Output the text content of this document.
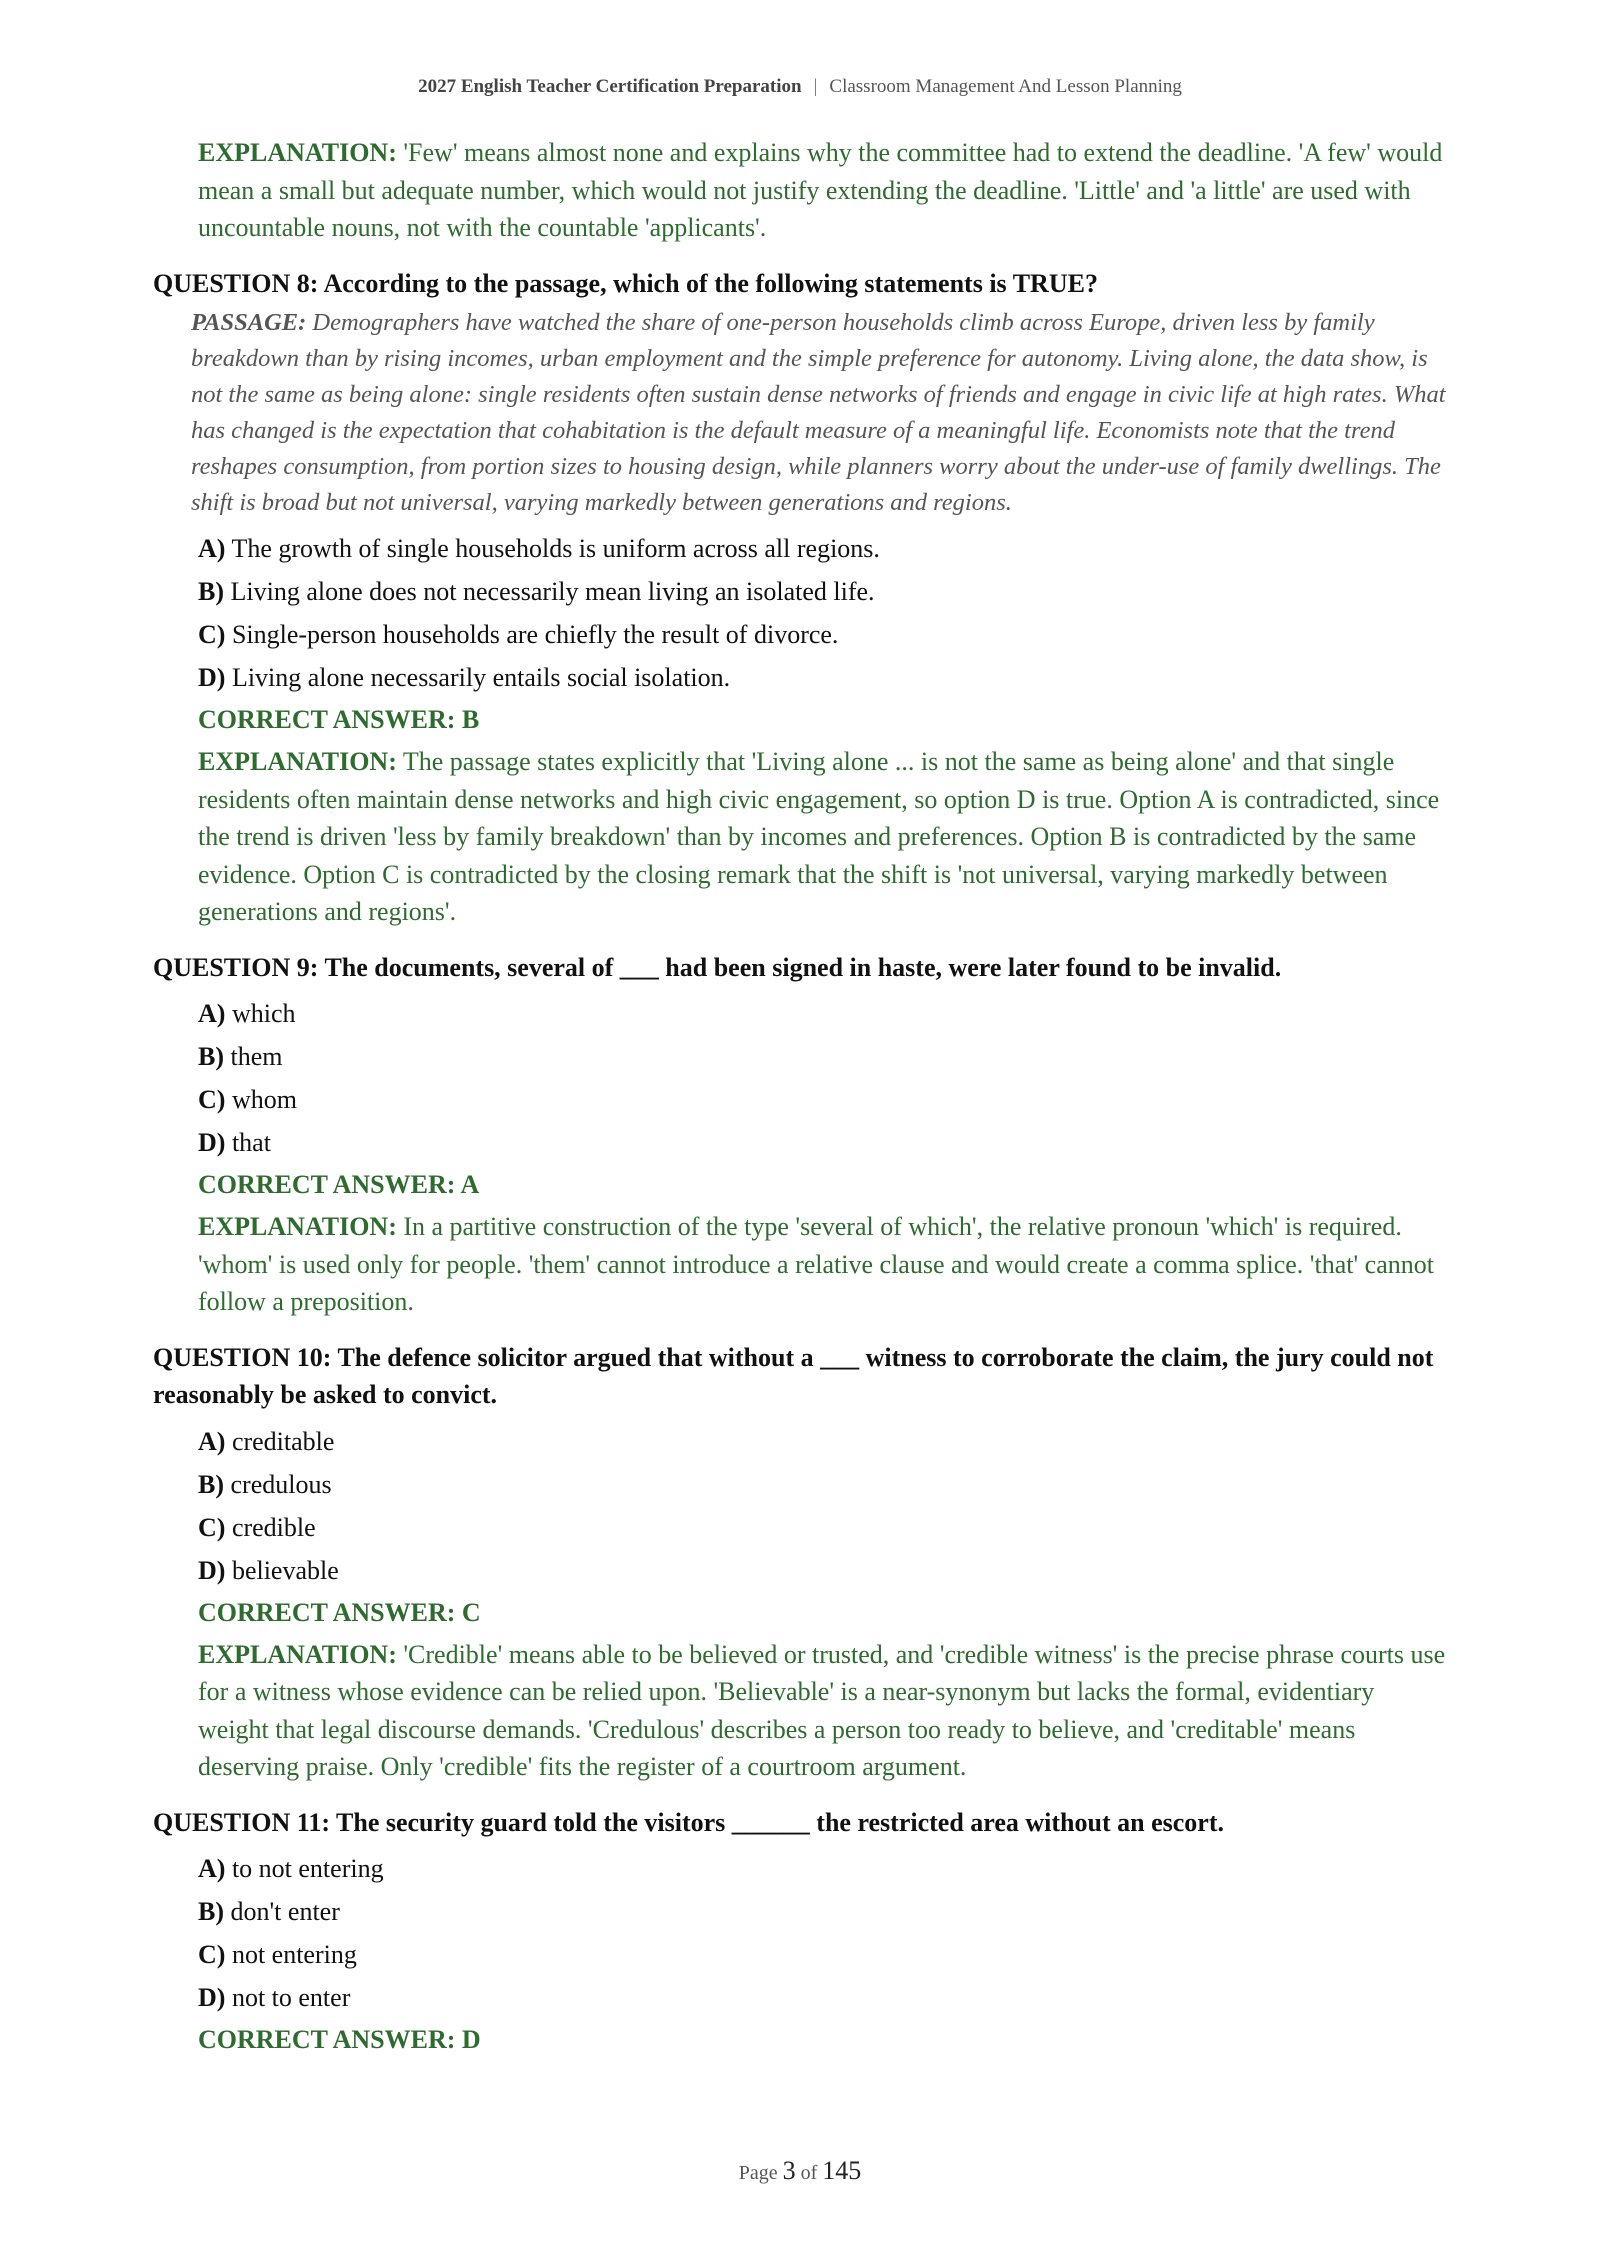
2027 English Teacher Certification Preparation | Classroom Management And Lesson Planning
EXPLANATION: 'Few' means almost none and explains why the committee had to extend the deadline. 'A few' would mean a small but adequate number, which would not justify extending the deadline. 'Little' and 'a little' are used with uncountable nouns, not with the countable 'applicants'.
QUESTION 8: According to the passage, which of the following statements is TRUE?
PASSAGE: Demographers have watched the share of one-person households climb across Europe, driven less by family breakdown than by rising incomes, urban employment and the simple preference for autonomy. Living alone, the data show, is not the same as being alone: single residents often sustain dense networks of friends and engage in civic life at high rates. What has changed is the expectation that cohabitation is the default measure of a meaningful life. Economists note that the trend reshapes consumption, from portion sizes to housing design, while planners worry about the under-use of family dwellings. The shift is broad but not universal, varying markedly between generations and regions.
A) The growth of single households is uniform across all regions.
B) Living alone does not necessarily mean living an isolated life.
C) Single-person households are chiefly the result of divorce.
D) Living alone necessarily entails social isolation.
CORRECT ANSWER: B
EXPLANATION: The passage states explicitly that 'Living alone ... is not the same as being alone' and that single residents often maintain dense networks and high civic engagement, so option D is true. Option A is contradicted, since the trend is driven 'less by family breakdown' than by incomes and preferences. Option B is contradicted by the same evidence. Option C is contradicted by the closing remark that the shift is 'not universal, varying markedly between generations and regions'.
QUESTION 9: The documents, several of ___ had been signed in haste, were later found to be invalid.
A) which
B) them
C) whom
D) that
CORRECT ANSWER: A
EXPLANATION: In a partitive construction of the type 'several of which', the relative pronoun 'which' is required. 'whom' is used only for people. 'them' cannot introduce a relative clause and would create a comma splice. 'that' cannot follow a preposition.
QUESTION 10: The defence solicitor argued that without a ___ witness to corroborate the claim, the jury could not reasonably be asked to convict.
A) creditable
B) credulous
C) credible
D) believable
CORRECT ANSWER: C
EXPLANATION: 'Credible' means able to be believed or trusted, and 'credible witness' is the precise phrase courts use for a witness whose evidence can be relied upon. 'Believable' is a near-synonym but lacks the formal, evidentiary weight that legal discourse demands. 'Credulous' describes a person too ready to believe, and 'creditable' means deserving praise. Only 'credible' fits the register of a courtroom argument.
QUESTION 11: The security guard told the visitors ______ the restricted area without an escort.
A) to not entering
B) don't enter
C) not entering
D) not to enter
CORRECT ANSWER: D
Page 3 of 145
